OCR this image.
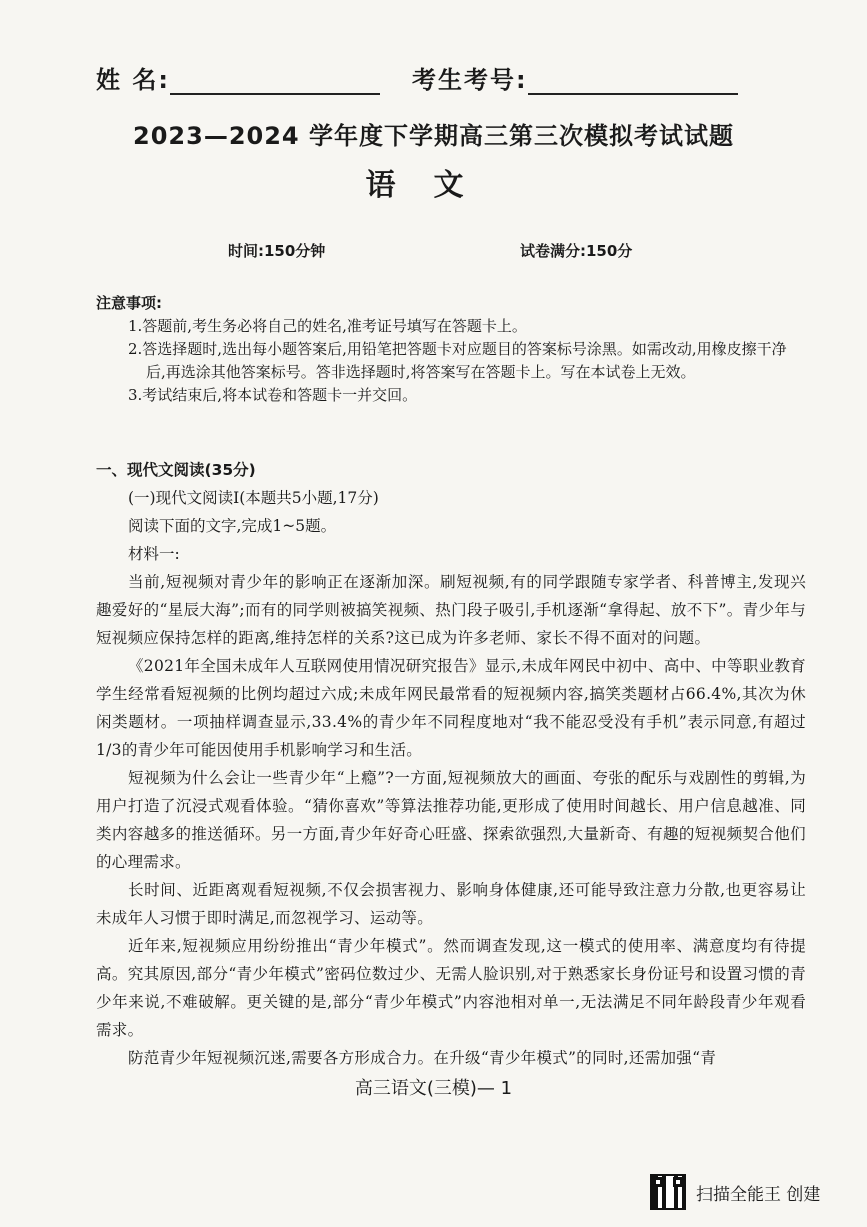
姓 名:	考生考号:
2023—2024 学年度下学期高三第三次模拟考试试题
语文
时间:150分钟	试卷满分:150分
注意事项:
1.答题前,考生务必将自己的姓名,准考证号填写在答题卡上。
2.答选择题时,选出每小题答案后,用铅笔把答题卡对应题目的答案标号涂黑。如需改动,用橡皮擦干净后,再选涂其他答案标号。答非选择题时,将答案写在答题卡上。写在本试卷上无效。
3.考试结束后,将本试卷和答题卡一并交回。
一、现代文阅读(35分)
(一)现代文阅读Ⅰ(本题共5小题,17分)
阅读下面的文字,完成1~5题。
材料一:

当前,短视频对青少年的影响正在逐渐加深。刷短视频,有的同学跟随专家学者、科普博主,发现兴趣爱好的“星辰大海”;而有的同学则被搞笑视频、热门段子吸引,手机逐渐“拿得起、放不下”。青少年与短视频应保持怎样的距离,维持怎样的关系?这已成为许多老师、家长不得不面对的问题。

《2021年全国未成年人互联网使用情况研究报告》显示,未成年网民中初中、高中、中等职业教育学生经常看短视频的比例均超过六成;未成年网民最常看的短视频内容,搞笑类题材占66.4%,其次为休闲类题材。一项抽样调查显示,33.4%的青少年不同程度地对“我不能忍受没有手机”表示同意,有超过1/3的青少年可能因使用手机影响学习和生活。

短视频为什么会让一些青少年“上瘾”?一方面,短视频放大的画面、夸张的配乐与戏剧性的剪辑,为用户打造了沉浸式观看体验。“猜你喜欢”等算法推荐功能,更形成了使用时间越长、用户信息越准、同类内容越多的推送循环。另一方面,青少年好奇心旺盛、探索欲强烈,大量新奇、有趣的短视频契合他们的心理需求。

长时间、近距离观看短视频,不仅会损害视力、影响身体健康,还可能导致注意力分散,也更容易让未成年人习惯于即时满足,而忽视学习、运动等。

近年来,短视频应用纷纷推出“青少年模式”。然而调查发现,这一模式的使用率、满意度均有待提高。究其原因,部分“青少年模式”密码位数过少、无需人脸识别,对于熟悉家长身份证号和设置习惯的青少年来说,不难破解。更关键的是,部分“青少年模式”内容池相对单一,无法满足不同年龄段青少年观看需求。

防范青少年短视频沉迷,需要各方形成合力。在升级“青少年模式”的同时,还需加强“青

高三语文(三模)— 1
扫描全能王 创建
